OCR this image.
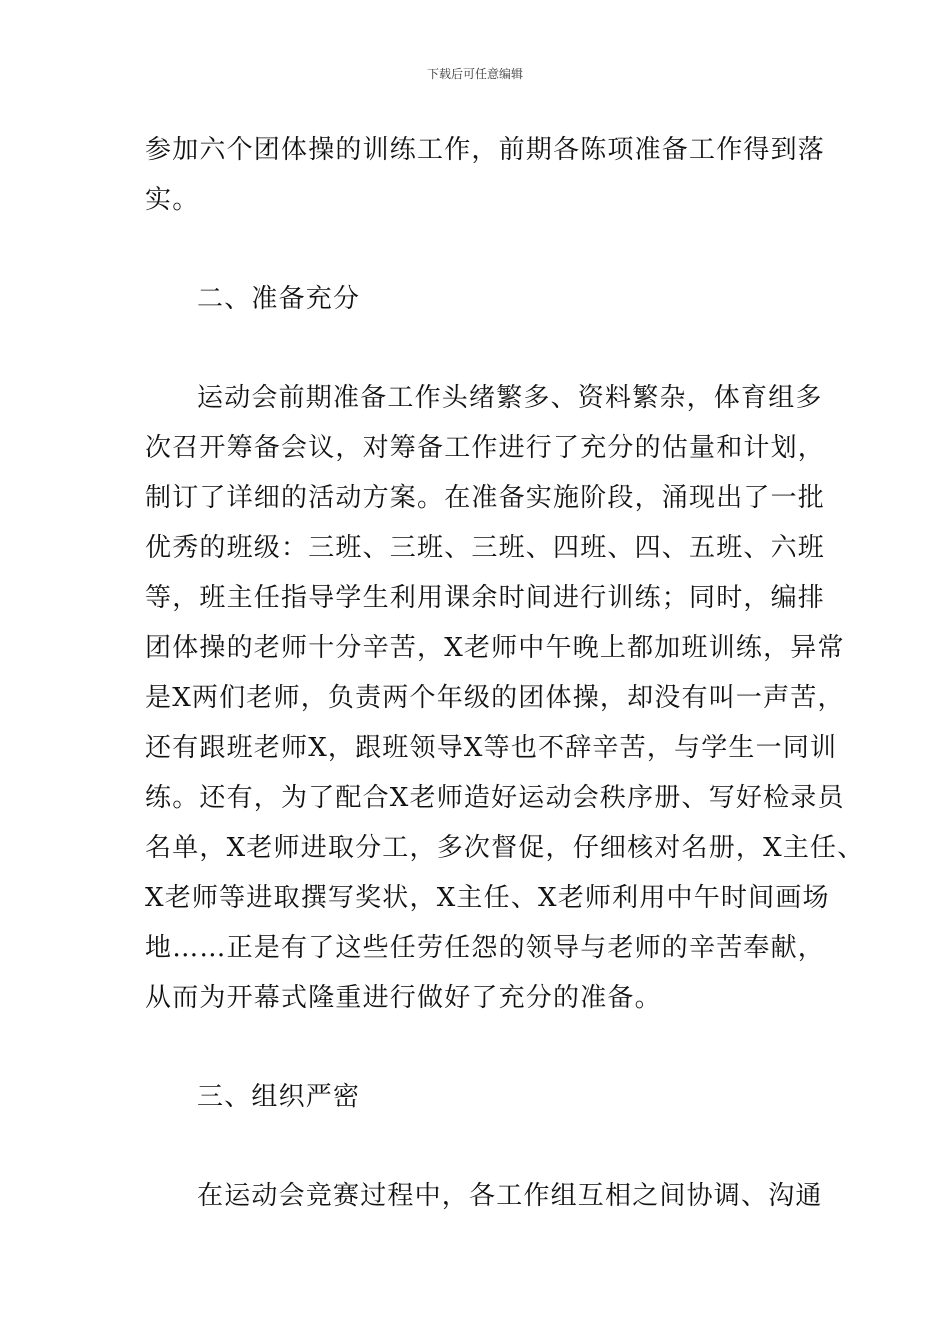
下载后可任意编辑
参加六个团体操的训练工作，前期各陈项准备工作得到落
实。
二、准备充分
运动会前期准备工作头绪繁多、资料繁杂，体育组多
次召开筹备会议，对筹备工作进行了充分的估量和计划，
制订了详细的活动方案。在准备实施阶段，涌现出了一批
优秀的班级：三班、三班、三班、四班、四、五班、六班
等，班主任指导学生利用课余时间进行训练；同时，编排
团体操的老师十分辛苦，X老师中午晚上都加班训练，异常
是X两们老师，负责两个年级的团体操，却没有叫一声苦，
还有跟班老师X，跟班领导X等也不辞辛苦，与学生一同训
练。还有，为了配合X老师造好运动会秩序册、写好检录员
名单，X老师进取分工，多次督促，仔细核对名册，X主任、
X老师等进取撰写奖状，X主任、X老师利用中午时间画场
地……正是有了这些任劳任怨的领导与老师的辛苦奉献，
从而为开幕式隆重进行做好了充分的准备。
三、组织严密
在运动会竞赛过程中，各工作组互相之间协调、沟通
